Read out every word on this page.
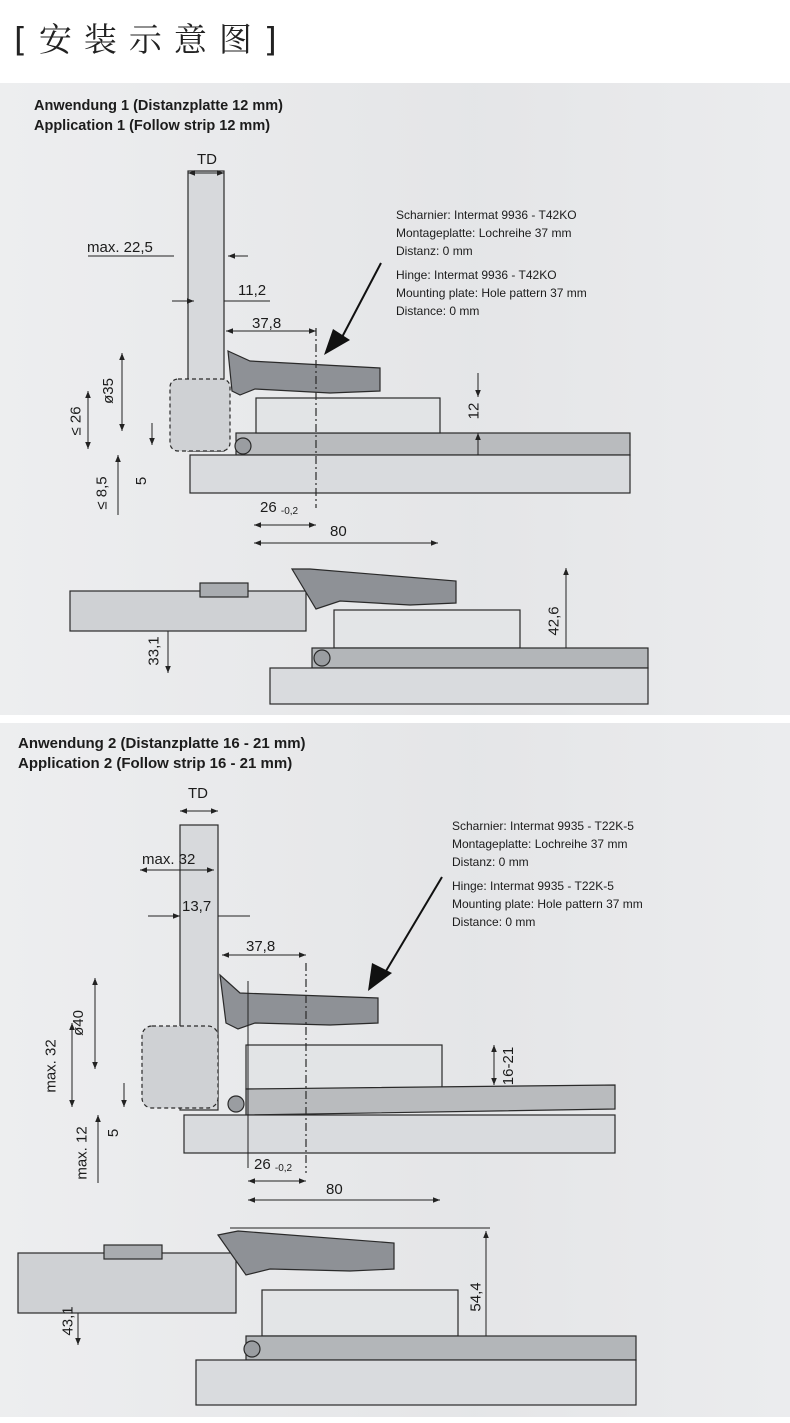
[安装示意图]
Anwendung 1 (Distanzplatte 12 mm)
Application 1 (Follow strip 12 mm)
Scharnier: Intermat 9936 - T42KO
Montageplatte: Lochreihe 37 mm
Distanz: 0 mm
Hinge: Intermat 9936 - T42KO
Mounting plate: Hole pattern 37 mm
Distance: 0 mm
TD
max. 22,5
11,2
37,8
ø35
≤ 26	12
5
≤ 8,5	26 $_{-0,2}$
80
33,1
42,6
Anwendung 2 (Distanzplatte 16 - 21 mm)
Application 2 (Follow strip 16 - 21 mm)
Scharnier: Intermat 9935 - T22K-5
Montageplatte: Lochreihe 37 mm
Distanz: 0 mm
Hinge: Intermat 9935 - T22K-5
Mounting plate: Hole pattern 37 mm
Distance: 0 mm
TD
max. 32
13,7
37,8
ø40
max. 32	16-21
5
max. 12	26 $_{-0,2}$
80
43,1
54,4
